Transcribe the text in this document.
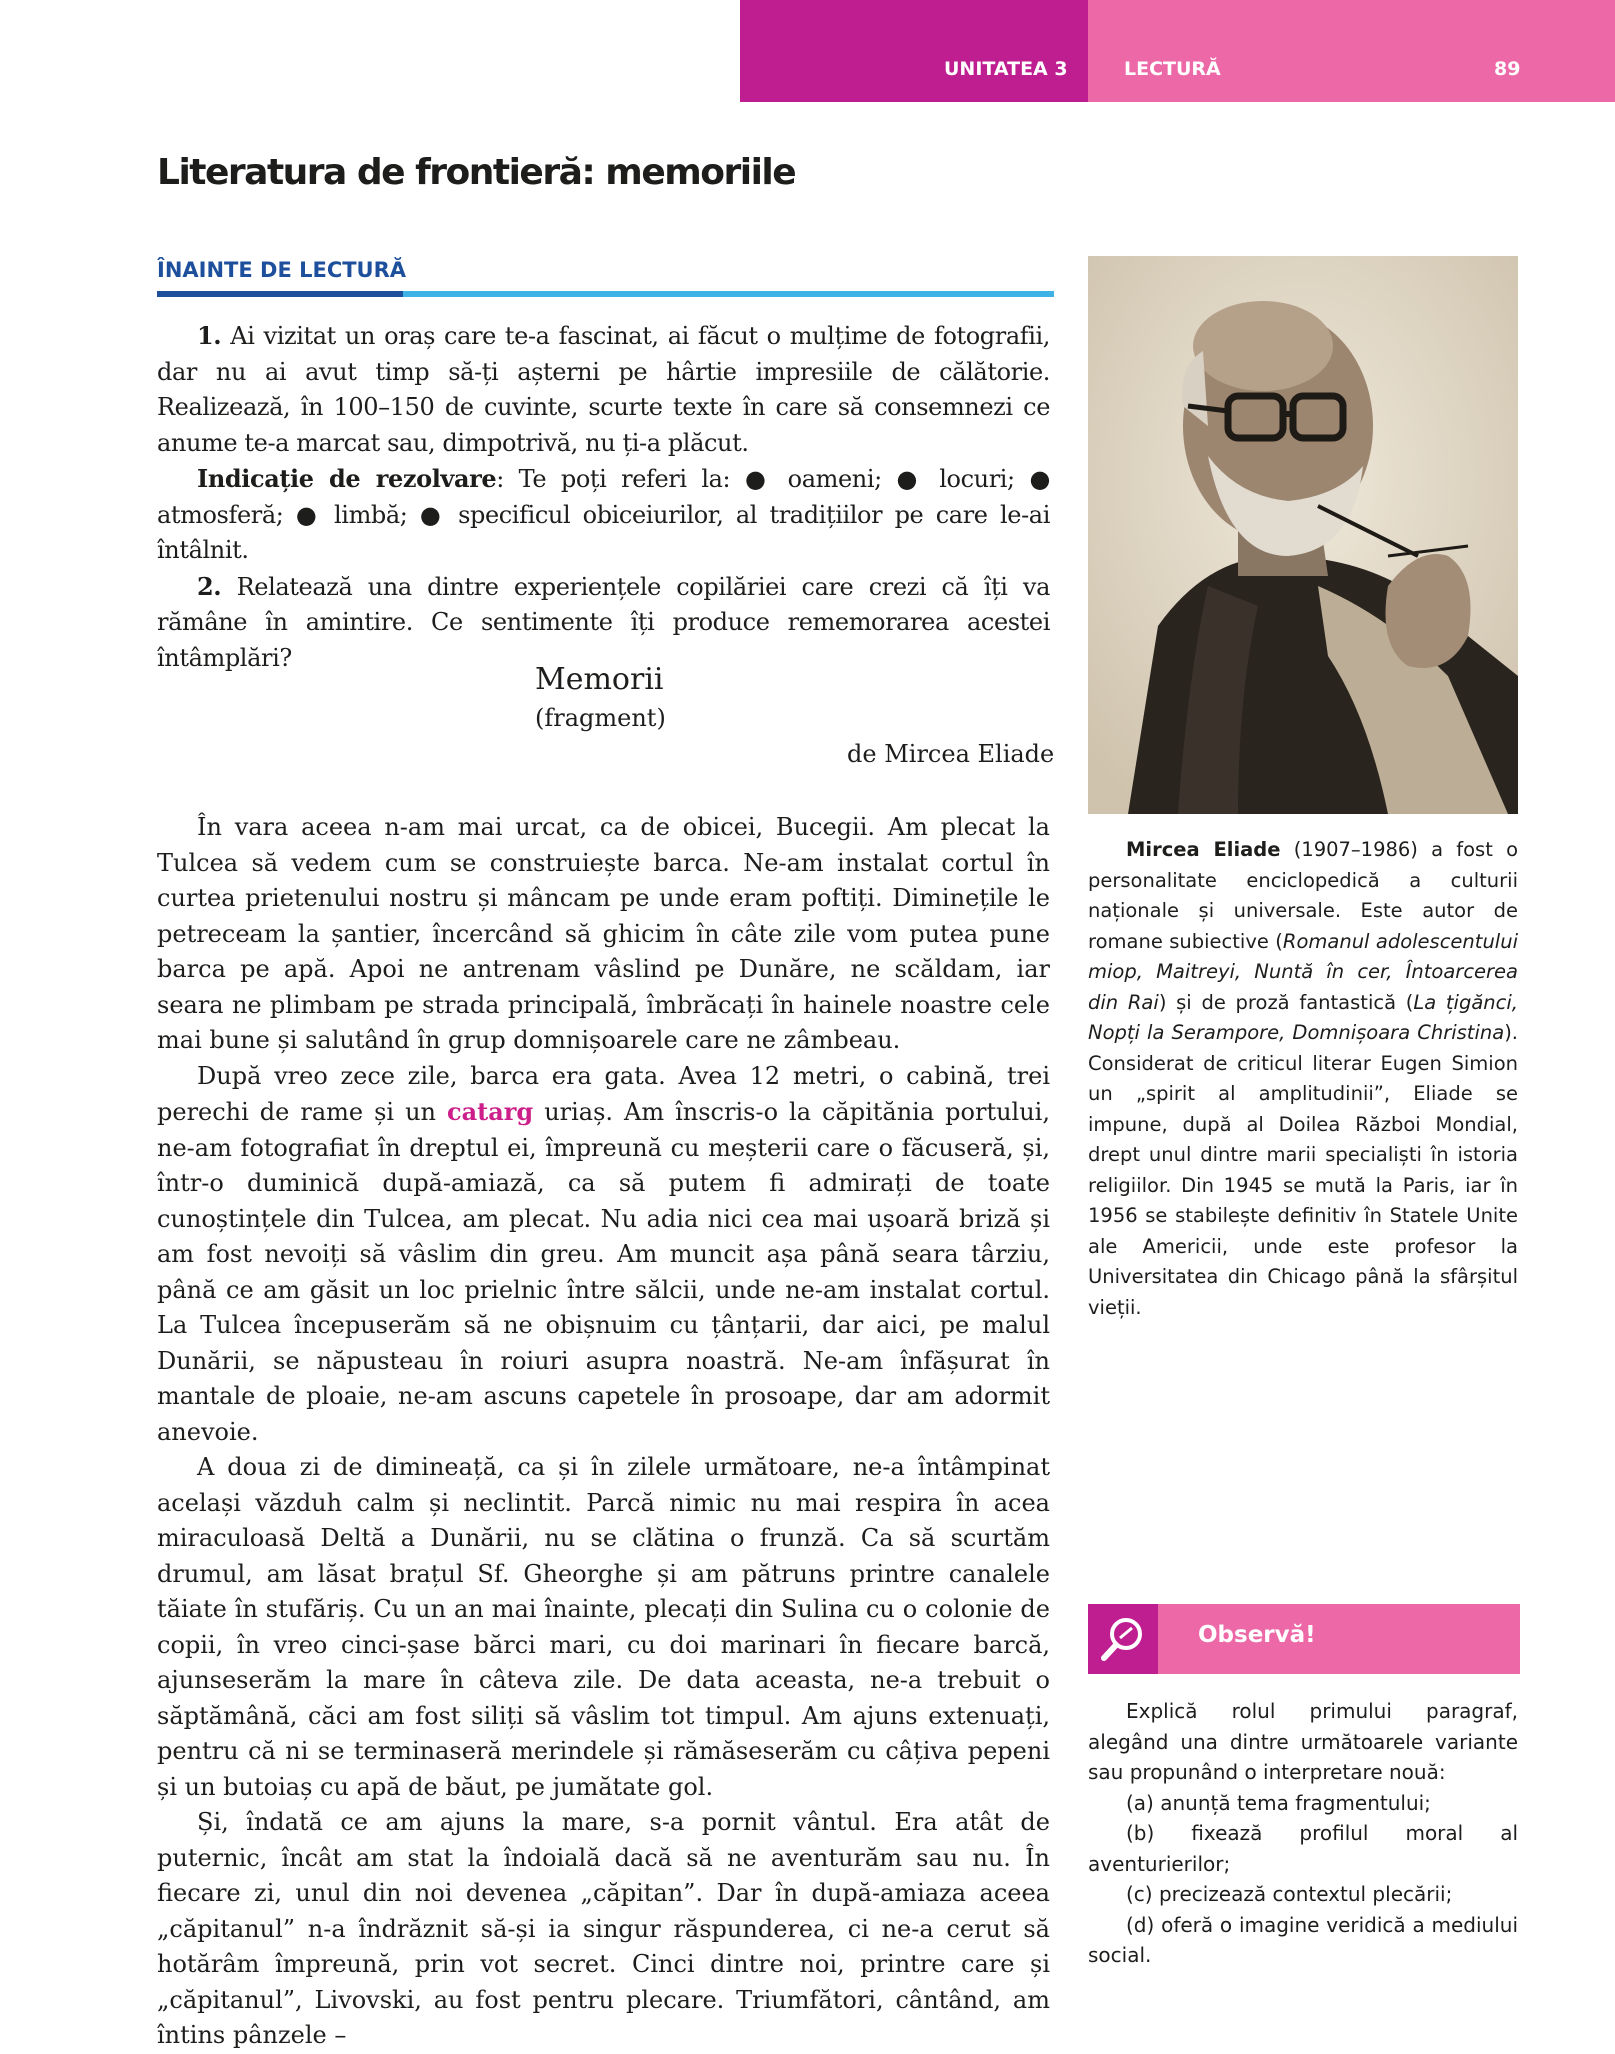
UNITATEA 3	LECTURĂ	89
Literatura de frontieră: memoriile
ÎNAINTE DE LECTURĂ

1. Ai vizitat un oraș care te-a fascinat, ai făcut o mulțime de fotografii, dar nu ai avut timp să-ți așterni pe hârtie impresiile de călătorie. Realizează, în 100–150 de cuvinte, scurte texte în care să consemnezi ce anume te-a marcat sau, dimpotrivă, nu ți-a plăcut.

Indicație de rezolvare: Te poți referi la: ● oameni; ● locuri; ● atmosferă; ● limbă; ● specificul obiceiurilor, al tradițiilor pe care le-ai întâlnit.

2. Relatează una dintre experiențele copilăriei care crezi că îți va rămâne în amintire. Ce sentimente îți produce rememorarea acestei întâmplări?

Memorii
(fragment)
de Mircea Eliade

În vara aceea n-am mai urcat, ca de obicei, Bucegii. Am plecat la Tulcea să vedem cum se construiește barca. Ne-am instalat cortul în curtea prietenului nostru și mâncam pe unde eram poftiți. Diminețile le petreceam la șantier, încercând să ghicim în câte zile vom putea pune barca pe apă. Apoi ne antrenam vâslind pe Dunăre, ne scăldam, iar seara ne plimbam pe strada principală, îmbrăcați în hainele noastre cele mai bune și salutând în grup domnișoarele care ne zâmbeau.

După vreo zece zile, barca era gata. Avea 12 metri, o cabină, trei perechi de rame și un catarg uriaș. Am înscris-o la căpitănia portului, ne-am fotografiat în dreptul ei, împreună cu meșterii care o făcuseră, și, într-o duminică după-amiază, ca să putem fi admirați de toate cunoștințele din Tulcea, am plecat. Nu adia nici cea mai ușoară briză și am fost nevoiți să vâslim din greu. Am muncit așa până seara târziu, până ce am găsit un loc prielnic între sălcii, unde ne-am instalat cortul. La Tulcea începuserăm să ne obișnuim cu țânțarii, dar aici, pe malul Dunării, se năpusteau în roiuri asupra noastră. Ne-am înfășurat în mantale de ploaie, ne-am ascuns capetele în prosoape, dar am adormit anevoie.

A doua zi de dimineață, ca și în zilele următoare, ne-a întâmpinat același văzduh calm și neclintit. Parcă nimic nu mai respira în acea miraculoasă Deltă a Dunării, nu se clătina o frunză. Ca să scurtăm drumul, am lăsat brațul Sf. Gheorghe și am pătruns printre canalele tăiate în stufăriș. Cu un an mai înainte, plecați din Sulina cu o colonie de copii, în vreo cinci-șase bărci mari, cu doi marinari în fiecare barcă, ajunseserăm la mare în câteva zile. De data aceasta, ne-a trebuit o săptămână, căci am fost siliți să vâslim tot timpul. Am ajuns extenuați, pentru că ni se terminaseră merindele și rămăseserăm cu câțiva pepeni și un butoiaș cu apă de băut, pe jumătate gol.

Și, îndată ce am ajuns la mare, s-a pornit vântul. Era atât de puternic, încât am stat la îndoială dacă să ne aventurăm sau nu. În fiecare zi, unul din noi devenea „căpitan”. Dar în după-amiaza aceea „căpitanul” n-a îndrăznit să-și ia singur răspunderea, ci ne-a cerut să hotărâm împreună, prin vot secret. Cinci dintre noi, printre care și „căpitanul”, Livovski, au fost pentru plecare. Triumfători, cântând, am întins pânzele –

Mircea Eliade (1907–1986) a fost o personalitate enciclopedică a culturii naționale și universale. Este autor de romane subiective (Romanul adolescentului miop, Maitreyi, Nuntă în cer, Întoarcerea din Rai) și de proză fantastică (La țigănci, Nopți la Serampore, Domnișoara Christina). Considerat de criticul literar Eugen Simion un „spirit al amplitudinii”, Eliade se impune, după al Doilea Război Mondial, drept unul dintre marii specialiști în istoria religiilor. Din 1945 se mută la Paris, iar în 1956 se stabilește definitiv în Statele Unite ale Americii, unde este profesor la Universitatea din Chicago până la sfârșitul vieții.

Observă!

Explică rolul primului paragraf, alegând una dintre următoarele variante sau propunând o interpretare nouă:

(a) anunță tema fragmentului;

(b) fixează profilul moral al aventurierilor;

(c) precizează contextul plecării;

(d) oferă o imagine veridică a mediului social.
